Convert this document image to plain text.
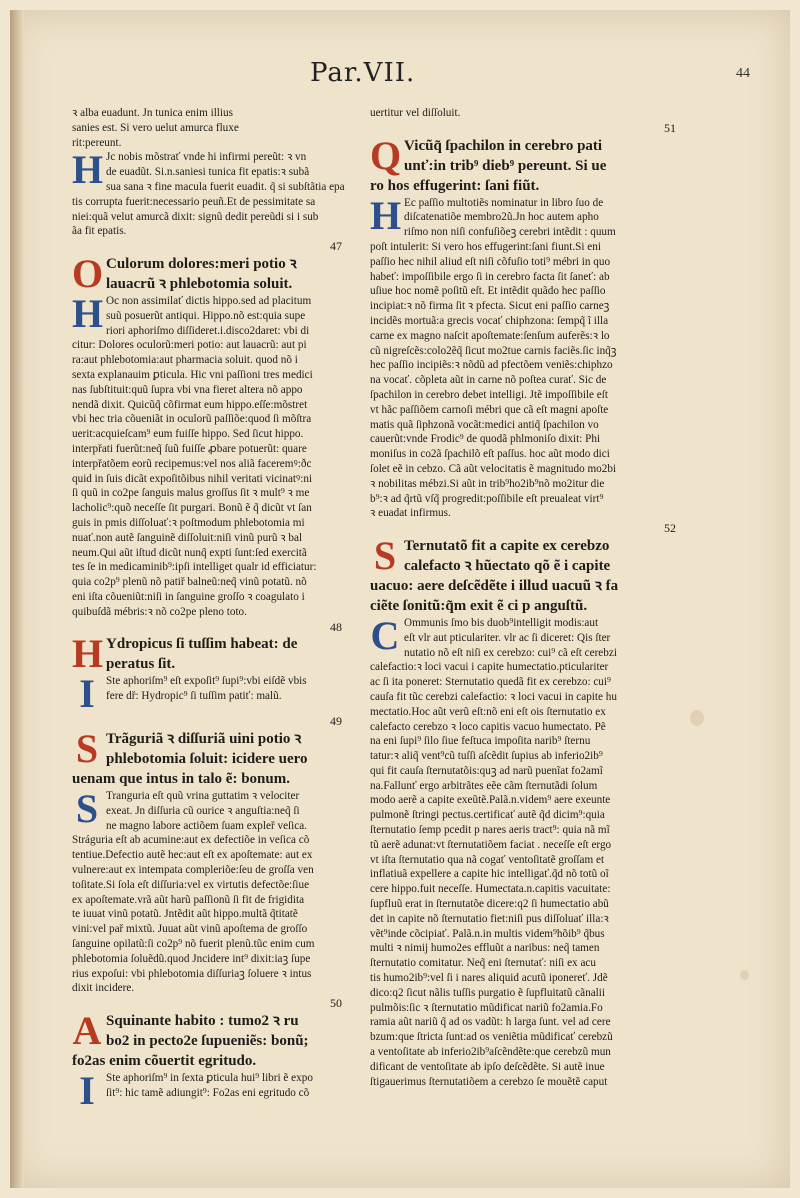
Par.VII.	44
ꝛ alba euadunt. Jn tunica enim illius
sanies est. Si vero uelut amurca fluxe
rit:pereunt.
H Jc nobis mõstrať vnde hi infirmi pereũt: ꝛ vn
de euadũt. Si.n.saniesi tunica fit epatis:ꝛ subã
sua sana ꝛ fine macula fuerit euadit. q̃ si subſtãtia epa
tis corrupta fuerit:necessario peuñ.Et de pessimitate sa
niei:quã velut amurcã dixit: signũ dedit pereũdi si i sub
ãa fit epatis.
47
O Culorum dolores:meri potio ꝛ
lauacrũ ꝛ phlebotomia soluit.
H Oc non assimilať dictis hippo.sed ad placitum
suũ posuerũt antiqui. Hippo.nõ est:quia supe
riori aphoriſmo diſſideret.i.disco2daret: vbi di
citur: Dolores oculorũ:meri potio: aut lauacrũ: aut pi
ra:aut phlebotomia:aut pharmacia soluit. quod nõ i
sexta explanauim ꝑticula. Hic vni paſſioni tres medici
nas ſubſtituit:quũ ſupra vbi vna fieret altera nõ appo
nendã dixit. Quicũq̃ cõfirmat eum hippo.eſſe:mõstret
vbi hec tria cõueniãt in oculorũ paſſiõe:quod ſi mõſtra
uerit:acquieſcam⁹ eum fuiſſe hippo. Sed ſicut hippo.
interpřati fuerũt:neq̃ ſuũ fuiſſe ꝓbare potuerũt: quare
interpřatõem eorũ recipemus:vel nos aliã faceremꝰ:ðc
quid in ſuis dicãt expoſitõibus nihil veritati vicinatꝰ:ni
ſi quũ in co2pe ſanguis malus groſſus ſit ꝛ mult⁹ ꝛ me
lacholic⁹:quõ neceſſe ſit purgari. Bonũ ẽ q̃ dicũt vt ſan
guis in pmis diſſoluať:ꝛ poſtmodum phlebotomia mi
nuať.non autẽ ſanguinẽ diſſoluit:niſi vinũ purũ ꝛ bal
neum.Qui aũt iſtud dicũt nunq̃ expti ſunt:ſed exercitã
tes ſe in medicaminib⁹:ipſi intelliget qualr id efficiatur:
quia co2p⁹ plenũ nõ patiř balneũ:neq̃ vinũ potatũ. nõ
eni iſta cõueniũt:niſi in ſanguine groſſo ꝛ coagulato i
quibuſdã mébris:ꝛ nõ co2pe pleno toto.
48
H Ydropicus ſi tuſſim habeat: de
peratus ſit.
I	Ste aphoriſm⁹ eſt expoſit⁹ ſupi⁹:vbi eiſdẽ vbis
fere dř: Hydropic⁹ ſi tuſſim patiť: malũ.
49
S Trãguriã ꝛ diſſuriã uini potio ꝛ
phlebotomia ſoluit: icidere uero
uenam que intus in talo ẽ: bonum.
S Tranguria eſt quũ vrina guttatim ꝛ velociter
exeat. Jn diſſuria cũ ourice ꝛ anguſtia:neq̃ ſi
ne magno labore actiõem ſuam expleř veſica.
Stráguria eſt ab acumine:aut ex defectiõe in veſica cõ
tentiue.Defectio autẽ hec:aut eſt ex apoſtemate: aut ex
vulnere:aut ex intempata compleriõe:ſeu de groſſa ven
toſitate.Si ſola eſt diſſuria:vel ex virtutis defectõe:ſiue
ex apoſtemate.vrã aũt harũ paſſionũ ſi fit de frigidita
te iuuat vinũ potatũ. Jntẽdit aũt hippo.multã q̃titatẽ
vini:vel pař mixtũ. Juuat aũt vinũ apoſtema de groſſo
ſanguine opilatũ:ſi co2p⁹ nõ fuerit plenũ.tũc enim cum
phlebotomia ſoluẽdũ.quod Jncidere int⁹ dixit:iaꝫ ſupe
rius expoſui: vbi phlebotomia diſſuriaꝫ ſoluere ꝛ intus
dixit incidere.
50
A Squinante habito : tumo2 ꝛ ru
bo2 in pecto2e ſupueniẽs: bonũ;
fo2as enim cõuertit egritudo.
I	Ste aphoriſm⁹ in ſexta ꝑticula hui⁹ libri ẽ expo
ſit⁹: hic tamẽ adiungit⁹: Fo2as eni egritudo cõ
uertitur vel diſſoluit.
51
Q Vicũq̃ ſpachilon in cerebro pati
unť:in trib⁹ dieb⁹ pereunt. Si ue
ro hos effugerint: ſani fiũt.
H Ec paſſio multotiẽs nominatur in libro ſuo de
diſcatenatiõe membro2ũ.Jn hoc autem apho
riſmo non niſi confuſiõeꝫ cerebri intẽdit : quum
poſt intulerit: Si vero hos effugerint:ſani fiunt.Si eni
paſſio hec nihil aliud eſt niſi cõfuſio toti⁹ mébri in quo
habeť: impoſſibile ergo ſi in cerebro facta ſit ſaneť: ab
uſiue hoc nomẽ poſitũ eſt. Et intẽdit quãdo hec paſſio
incipiat:ꝛ nõ firma ſit ꝛ pfecta. Sicut eni paſſio carneꝫ
incidẽs mortuã:a grecis vocať chiphzona: ſempq̃ ĩ illa
carne ex magno naſcit apoſtemate:ſenſum auferẽs:ꝛ lo
cũ nigreſcẽs:colo2ẽq̃ ſicut mo2tue carnis faciẽs.ſic inq̃ꝫ
hec paſſio incipiẽs:ꝛ nõdũ ad pfectõem veniẽs:chiphzo
na vocať. cõpleta aũt in carne nõ poſtea curať. Sic de
ſpachilon in cerebro debet intelligi. Jtẽ impoſſibile eſt
vt hãc paſſiõem carnoſi mébri que cã eſt magni apoſte
matis quã ſiphzonã vocãt:medici antiq̃ ſpachilon vo
cauerũt:vnde Frodic⁹ de quodã phlmoniſo dixit: Phi
moniſus in co2ã ſpachilõ eſt paſſus. hoc aũt modo dici
ſolet eẽ in cebzo. Cã aũt velocitatis ẽ magnitudo mo2bi
ꝛ nobilitas mébzi.Si aũt in trib⁹ho2ib⁹nõ mo2itur die
b⁹:ꝛ ad q̃rtũ vſq̃ progredit:poſſibile eſt preualeat virt⁹
ꝛ euadat infirmus.
52
S Ternutatõ fit a capite ex cerebzo
calefacto ꝛ hũectato qõ ẽ i capite
uacuo: aere deſcẽdẽte i illud uacuũ ꝛ fa
ciẽte ſonitũ:q̃m exit ẽ ci p anguſtũ.
C Ommunis ſmo bis duob⁹intelligit modis:aut
eſt vlr aut pticulariter. vlr ac ſi diceret: Qis ſter
nutatio nõ eſt niſi ex cerebzo: cui⁹ cã eſt cerebzi
calefactio:ꝛ loci vacui i capite humectatio.pticulariter
ac ſi ita poneret: Sternutatio quedã fit ex cerebzo: cui⁹
cauſa fit tũc cerebzi calefactio: ꝛ loci vacui in capite hu
mectatio.Hoc aũt verũ eſt:nõ eni eſt ois ſternutatio ex
calefacto cerebzo ꝛ loco capitis vacuo humectato. Pẽ
na eni ſupi⁹ ſilo ſiue feſtuca impoſita narib⁹ ſternu
tatur:ꝛ aliq̃ vent⁹cũ tuſſi aſcẽdit ſupius ab inferio2ib⁹
qui fit cauſa ſternutatõis:quꝫ ad narũ puenĩat fo2amĩ
na.Fallunť ergo arbitrãtes eẽe cãm ſternutãdi ſolum
modo aerẽ a capite exeũtẽ.Palã.n.videm⁹ aere exeunte
pulmonẽ ſtringi pectus.certificať autẽ q̃d dicim⁹:quia
ſternutatio ſemp pcedit p nares aeris tract⁹: quia nã mĩ
tũ aerẽ adunat:vt ſternutatiõem faciat . neceſſe eſt ergo
vt iſta ſternutatio qua nã cogať ventoſitatẽ groſſam et
inflatiuã expellere a capite hic intelligať.q̃d nõ totũ oĩ
cere hippo.fuit neceſſe. Humectata.n.capitis vacuitate:
ſupfluũ erat in ſternutatõe dicere:q2 ſi humectatio abũ
det in capite nõ ſternutatio fiet:niſi pus diſſoluať illa:ꝛ
vẽt⁹inde cõcipiať. Palã.n.in multis videm⁹hõib⁹ q̃bus
multi ꝛ nimij humo2es effluũt a naribus: neq̃ tamen
ſternutatio comitatur. Neq̃ eni ſternutať: niſi ex acu
tis humo2ib⁹:vel ſi i nares aliquid acutũ iponereť. Jdẽ
dico:q2 ſicut nãlis tuſſis purgatio ẽ ſupfluitatũ cãnalii
pulmõis:ſic ꝛ ſternutatio mũdificat nariũ fo2amia.Fo
ramia aũt nariũ q̃ ad os vadũt: h larga ſunt. vel ad cere
bzum:que ſtricta ſunt:ad os veniẽtia mũdificať cerebzũ
a ventoſitate ab inferio2ib⁹aſcẽndẽte:que cerebzũ mun
dificant de ventoſitate ab ipſo deſcẽdẽte. Si autẽ inue
ſtigauerimus ſternutatiõem a cerebzo ſe mouẽtẽ caput
